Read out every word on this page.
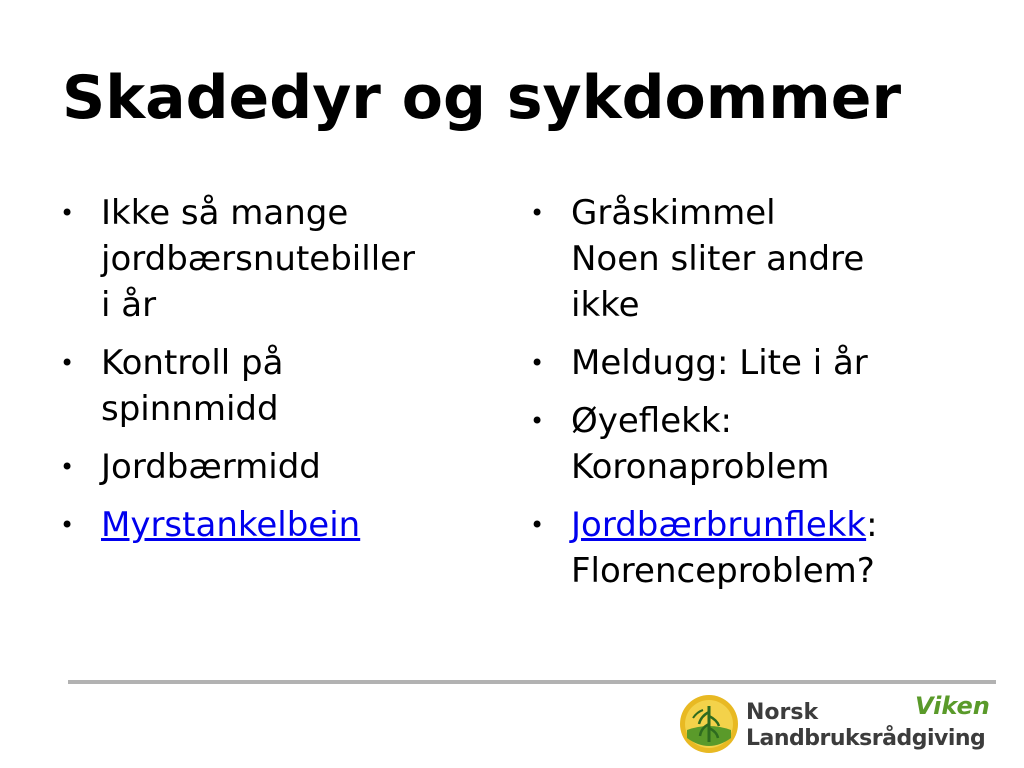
Skadedyr og sykdommer
• Ikke så mange
jordbærsnutebiller
i år
• Kontroll på
spinnmidd
• Jordbærmidd
• Myrstankelbein
• Gråskimmel
Noen sliter andre
ikke
• Meldugg: Lite i år
• Øyeflekk:
Koronaproblem
• Jordbærbrunflekk:
Florenceproblem?
Norsk
Landbruksrådgiving
Viken
